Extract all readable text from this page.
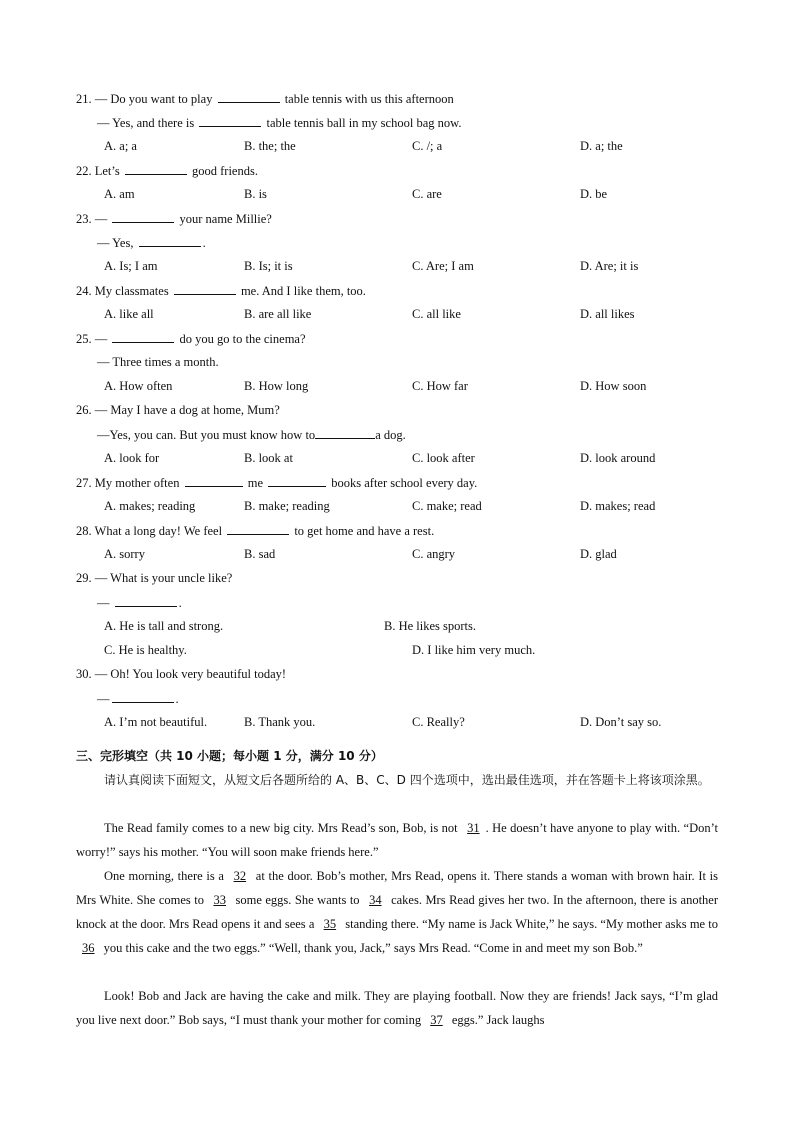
21. — Do you want to play	table tennis with us this afternoon
— Yes, and there is	table tennis ball in my school bag now.
A. a; a	B. the; the	C. /; a	D. a; the
22. Let’s	good friends.
A. am	B. is	C. are	D. be
23. —	your name Millie?
— Yes,	.
A. Is; I am	B. Is; it is	C. Are; I am	D. Are; it is
24. My classmates	me. And I like them, too.
A. like all	B. are all like	C. all like	D. all likes
25. —	do you go to the cinema?
— Three times a month.
A. How often	B. How long	C. How far	D. How soon
26. — May I have a dog at home, Mum?
—Yes, you can. But you must know how to	a dog.
A. look for	B. look at	C. look after	D. look around
27. My mother often	me	books after school every day.
A. makes; reading	B. make; reading	C. make; read	D. makes; read
28. What a long day! We feel	to get home and have a rest.
A. sorry	B. sad	C. angry	D. glad
29. — What is your uncle like?
—	.
A. He is tall and strong.	B. He likes sports.
C. He is healthy.	D. I like him very much.
30. — Oh! You look very beautiful today!
—	.
A. I’m not beautiful.	B. Thank you.	C. Really?	D. Don’t say so.
三、完形填空（共 10 小题；每小题 1 分，满分 10 分）
请认真阅读下面短文，从短文后各题所给的 A、B、C、D 四个选项中，选出最佳选项，并在答题卡上将该项涂黑。
The Read family comes to a new big city. Mrs Read’s son, Bob, is not 31 . He doesn’t have anyone to play with. “Don’t worry!” says his mother. “You will soon make friends here.”
One morning, there is a 32 at the door. Bob’s mother, Mrs Read, opens it. There stands a woman with brown hair. It is Mrs White. She comes to 33 some eggs. She wants to 34 cakes. Mrs Read gives her two. In the afternoon, there is another knock at the door. Mrs Read opens it and sees a 35 standing there. “My name is Jack White,” he says. “My mother asks me to 36 you this cake and the two eggs.” “Well, thank you, Jack,” says Mrs Read. “Come in and meet my son Bob.”
Look! Bob and Jack are having the cake and milk. They are playing football. Now they are friends! Jack says, “I’m glad you live next door.” Bob says, “I must thank your mother for coming 37 eggs.” Jack laughs
